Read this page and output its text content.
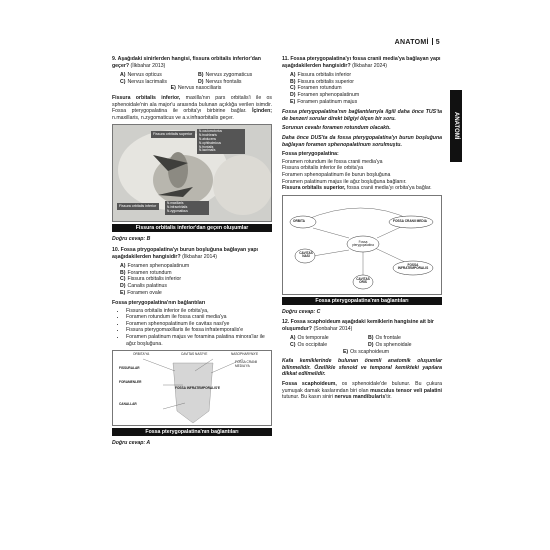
ANATOMİ 5
ANATOMİ
9. Aşağıdaki sinirlerden hangisi, fissura orbitalis inferior'dan geçer? (İlkbahar 2013)
A) Nervus opticus	B) Nervus zygomaticus
C) Nervus lacrimalis	D) Nervus frontalis
E) Nervus nasociliaris

Fissura orbitalis inferior, maxilla'nın pars orbitalis'i ile os sphenoidale'nin ala major'u arasında bulunan açıklığa verilen isimdir. Fossa pterygopalatina ile orbita'yı birbirine bağlar. İçinden; n.maxillaris, n.zygomaticus ve a.v.infraorbitalis geçer.

Fissura orbitalis superior
N.oculomotorius
N.trochlearis
N.abducens
N.ophthalmicus
N.frontalis
N.lacrimalis
Fissura orbitalis inferior
N.maxillaris
N.infraorbitalis
N.zygomaticus
Fissura orbitalis inferior'dan geçen oluşumlar
Doğru cevap: B
10. Fossa ptrygopalatina'yı burun boşluğuna bağlayan yapı aşağıdakilerden hangisidir? (İlkbahar 2014)
A) Foramen sphenopalatinum
B) Foramen rotundum
C) Fissura orbitalis inferior
D) Canalis palatinus
E) Foramen ovale
Fossa pterygopalatina'nın bağlantıları
• Fissura orbitalis inferior ile orbita'ya,
• Foramen rotundum ile fossa cranii media'ya
• Foramen sphenopalatinum ile cavitas nasi'ye
• Fissura pterygomaxillaris ile fossa infratemporalis'e
• Foramen palatinum majus ve foramina palatina minora'lar ile ağız boşluğuna.
ORBITA'YA	CAVITAS NASI'YE	NASOPHARYNX'E
FOSSA CRANII MEDIA'YA
FISSURALAR
FORAMENLER
CANALLAR
FOSSA INFRATEMPORALIS'E
Fossa pterygopalatina'nın bağlantıları
Doğru cevap: A
11. Fossa pterygopalatina'yı fossa cranii media'ya bağlayan yapı aşağıdakilerden hangisidir? (İlkbahar 2024)
A) Fissura orbitalis inferior
B) Fissura orbitalis superior
C) Foramen rotundum
D) Foramen sphenopalatinum
E) Foramen palatinum majus

Fossa pterygopalatina'nın bağlantılarıyla ilgili daha önce TUS'ta de benzeri sorular direkt bilgiyi ölçen bir soru.

Sorunun cevabı foramen rotundum olacaktı.

Daha önce DUS'ta da fossa pterygopalatina'yı burun boşluğuna bağlayan foramen sphenopalatinum sorulmuştu.

Fossa pterygopalatina:
Foramen rotundum ile fossa cranii media'ya
Fissura orbitalis inferior ile orbita'ya
Foramen sphenopalatinum ile burun boşluğuna
Foramen palatinum majus ile ağız boşluğuna bağlanır.

Fissura orbitalis superior, fossa cranii media'yı orbita'ya bağlar.

ORBITA	FOSSA CRANII MEDIA
CAVITAS NASI
Fossa pterygopalatina
CAVITAS ORIS
FOSSA INFRATEMPORALIS
Fossa pterygopalatina'nın bağlantıları
Doğru cevap: C
12. Fossa scaphoideum aşağıdaki kemiklerin hangisine ait bir oluşumdur? (Sonbahar 2014)
A) Os temporale	B) Os frontale
C) Os occipitale	D) Os sphenoidale
E) Os scaphoideum

Kafa kemiklerinde bulunan önemli anatomik oluşumlar bilinmelidir. Özellikle sfenoid ve temporal kemikteki yapılara dikkat edilmelidir.

Fossa scaphoideum, os sphenoidale'de bulunur. Bu çukura yumuşak damak kaslarından biri olan musculus tensor veli palatini tutunur. Bu kasın siniri nervus mandibularis'tir.
